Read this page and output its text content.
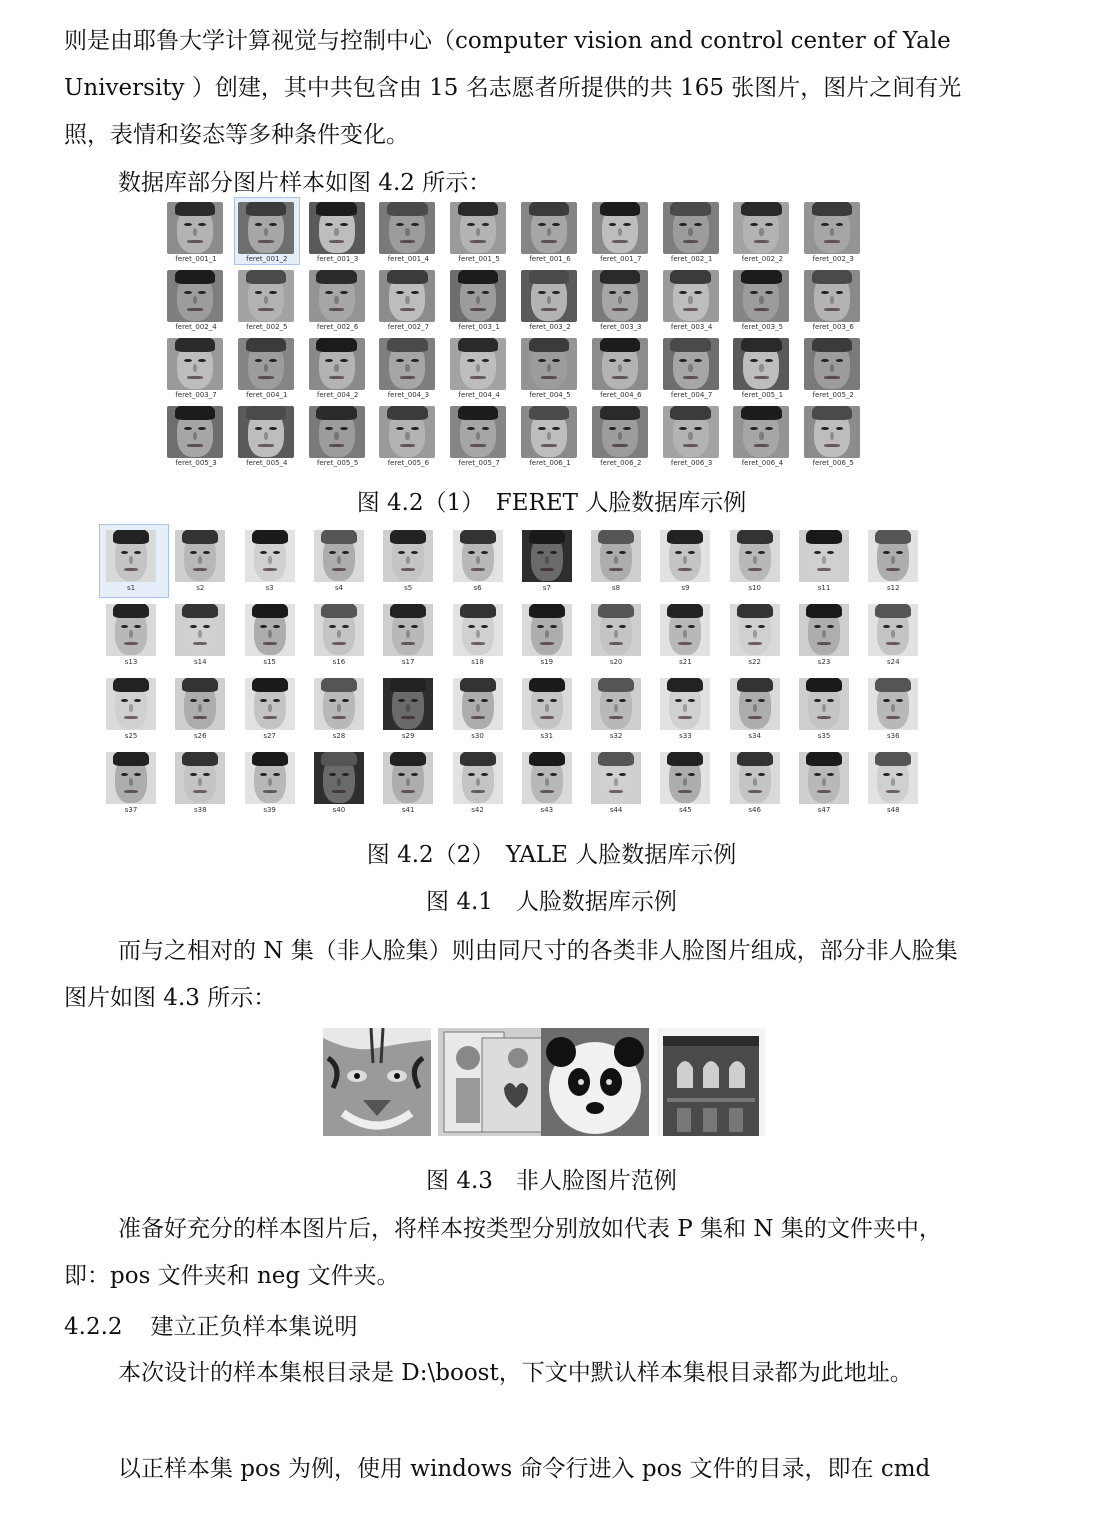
则是由耶鲁大学计算视觉与控制中心（computer vision and control center of Yale University ）创建，其中共包含由 15 名志愿者所提供的共 165 张图片，图片之间有光照，表情和姿态等多种条件变化。

数据库部分图片样本如图 4.2 所示：

feret_001_1	feret_001_2	feret_001_3	feret_001_4	feret_001_5	feret_001_6	feret_001_7	feret_002_1	feret_002_2	feret_002_3
feret_002_4	feret_002_5	feret_002_6	feret_002_7	feret_003_1	feret_003_2	feret_003_3	feret_003_4	feret_003_5	feret_003_6
feret_003_7	feret_004_1	feret_004_2	feret_004_3	feret_004_4	feret_004_5	feret_004_6	feret_004_7	feret_005_1	feret_005_2
feret_005_3	feret_005_4	feret_005_5	feret_005_6	feret_005_7	feret_006_1	feret_006_2	feret_006_3	feret_006_4	feret_006_5

图 4.2（1）　FERET 人脸数据库示例

s1	s2	s3	s4	s5	s6	s7	s8	s9	s10	s11	s12
s13	s14	s15	s16	s17	s18	s19	s20	s21	s22	s23	s24
s25	s26	s27	s28	s29	s30	s31	s32	s33	s34	s35	s36
s37	s38	s39	s40	s41	s42	s43	s44	s45	s46	s47	s48

图 4.2（2）　YALE 人脸数据库示例

图 4.1　人脸数据库示例

而与之相对的 N 集（非人脸集）则由同尺寸的各类非人脸图片组成，部分非人脸集图片如图 4.3 所示：

图 4.3　非人脸图片范例

准备好充分的样本图片后，将样本按类型分别放如代表 P 集和 N 集的文件夹中，即：pos 文件夹和 neg 文件夹。

4.2.2 建立正负样本集说明

本次设计的样本集根目录是 D:\boost，下文中默认样本集根目录都为此地址。

以正样本集 pos 为例，使用 windows 命令行进入 pos 文件的目录，即在 cmd
